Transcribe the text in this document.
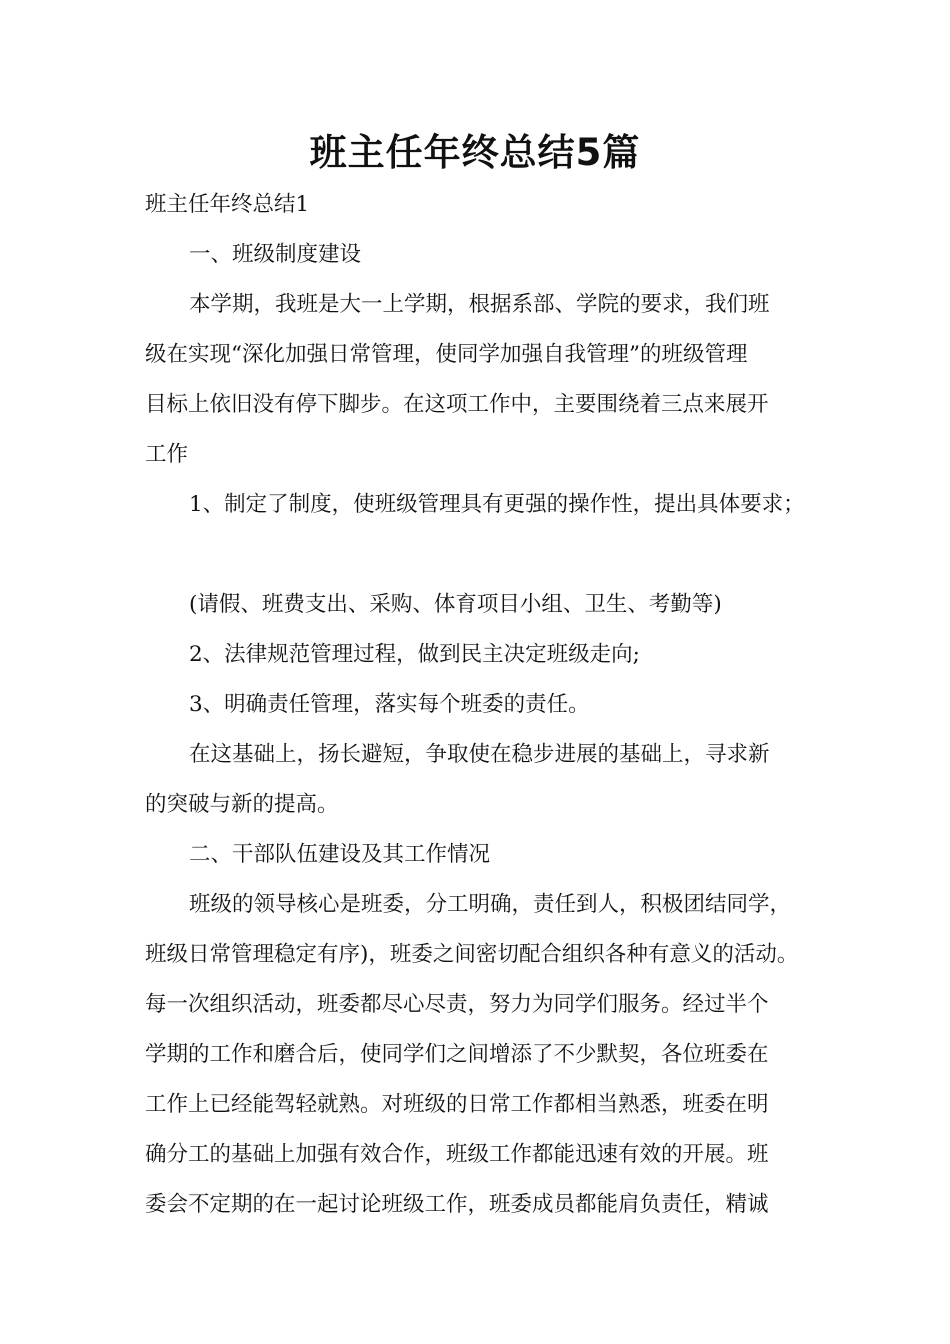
班主任年终总结5篇
班主任年终总结1
一、班级制度建设
本学期，我班是大一上学期，根据系部、学院的要求，我们班
级在实现“深化加强日常管理，使同学加强自我管理”的班级管理
目标上依旧没有停下脚步。在这项工作中，主要围绕着三点来展开
工作
1、制定了制度，使班级管理具有更强的操作性，提出具体要求；
(请假、班费支出、采购、体育项目小组、卫生、考勤等)
2、法律规范管理过程，做到民主决定班级走向;
3、明确责任管理，落实每个班委的责任。
在这基础上，扬长避短，争取使在稳步进展的基础上，寻求新
的突破与新的提高。
二、干部队伍建设及其工作情况
班级的领导核心是班委，分工明确，责任到人，积极团结同学，
班级日常管理稳定有序)，班委之间密切配合组织各种有意义的活动。
每一次组织活动，班委都尽心尽责，努力为同学们服务。经过半个
学期的工作和磨合后，使同学们之间增添了不少默契，各位班委在
工作上已经能驾轻就熟。对班级的日常工作都相当熟悉，班委在明
确分工的基础上加强有效合作，班级工作都能迅速有效的开展。班
委会不定期的在一起讨论班级工作，班委成员都能肩负责任，精诚
